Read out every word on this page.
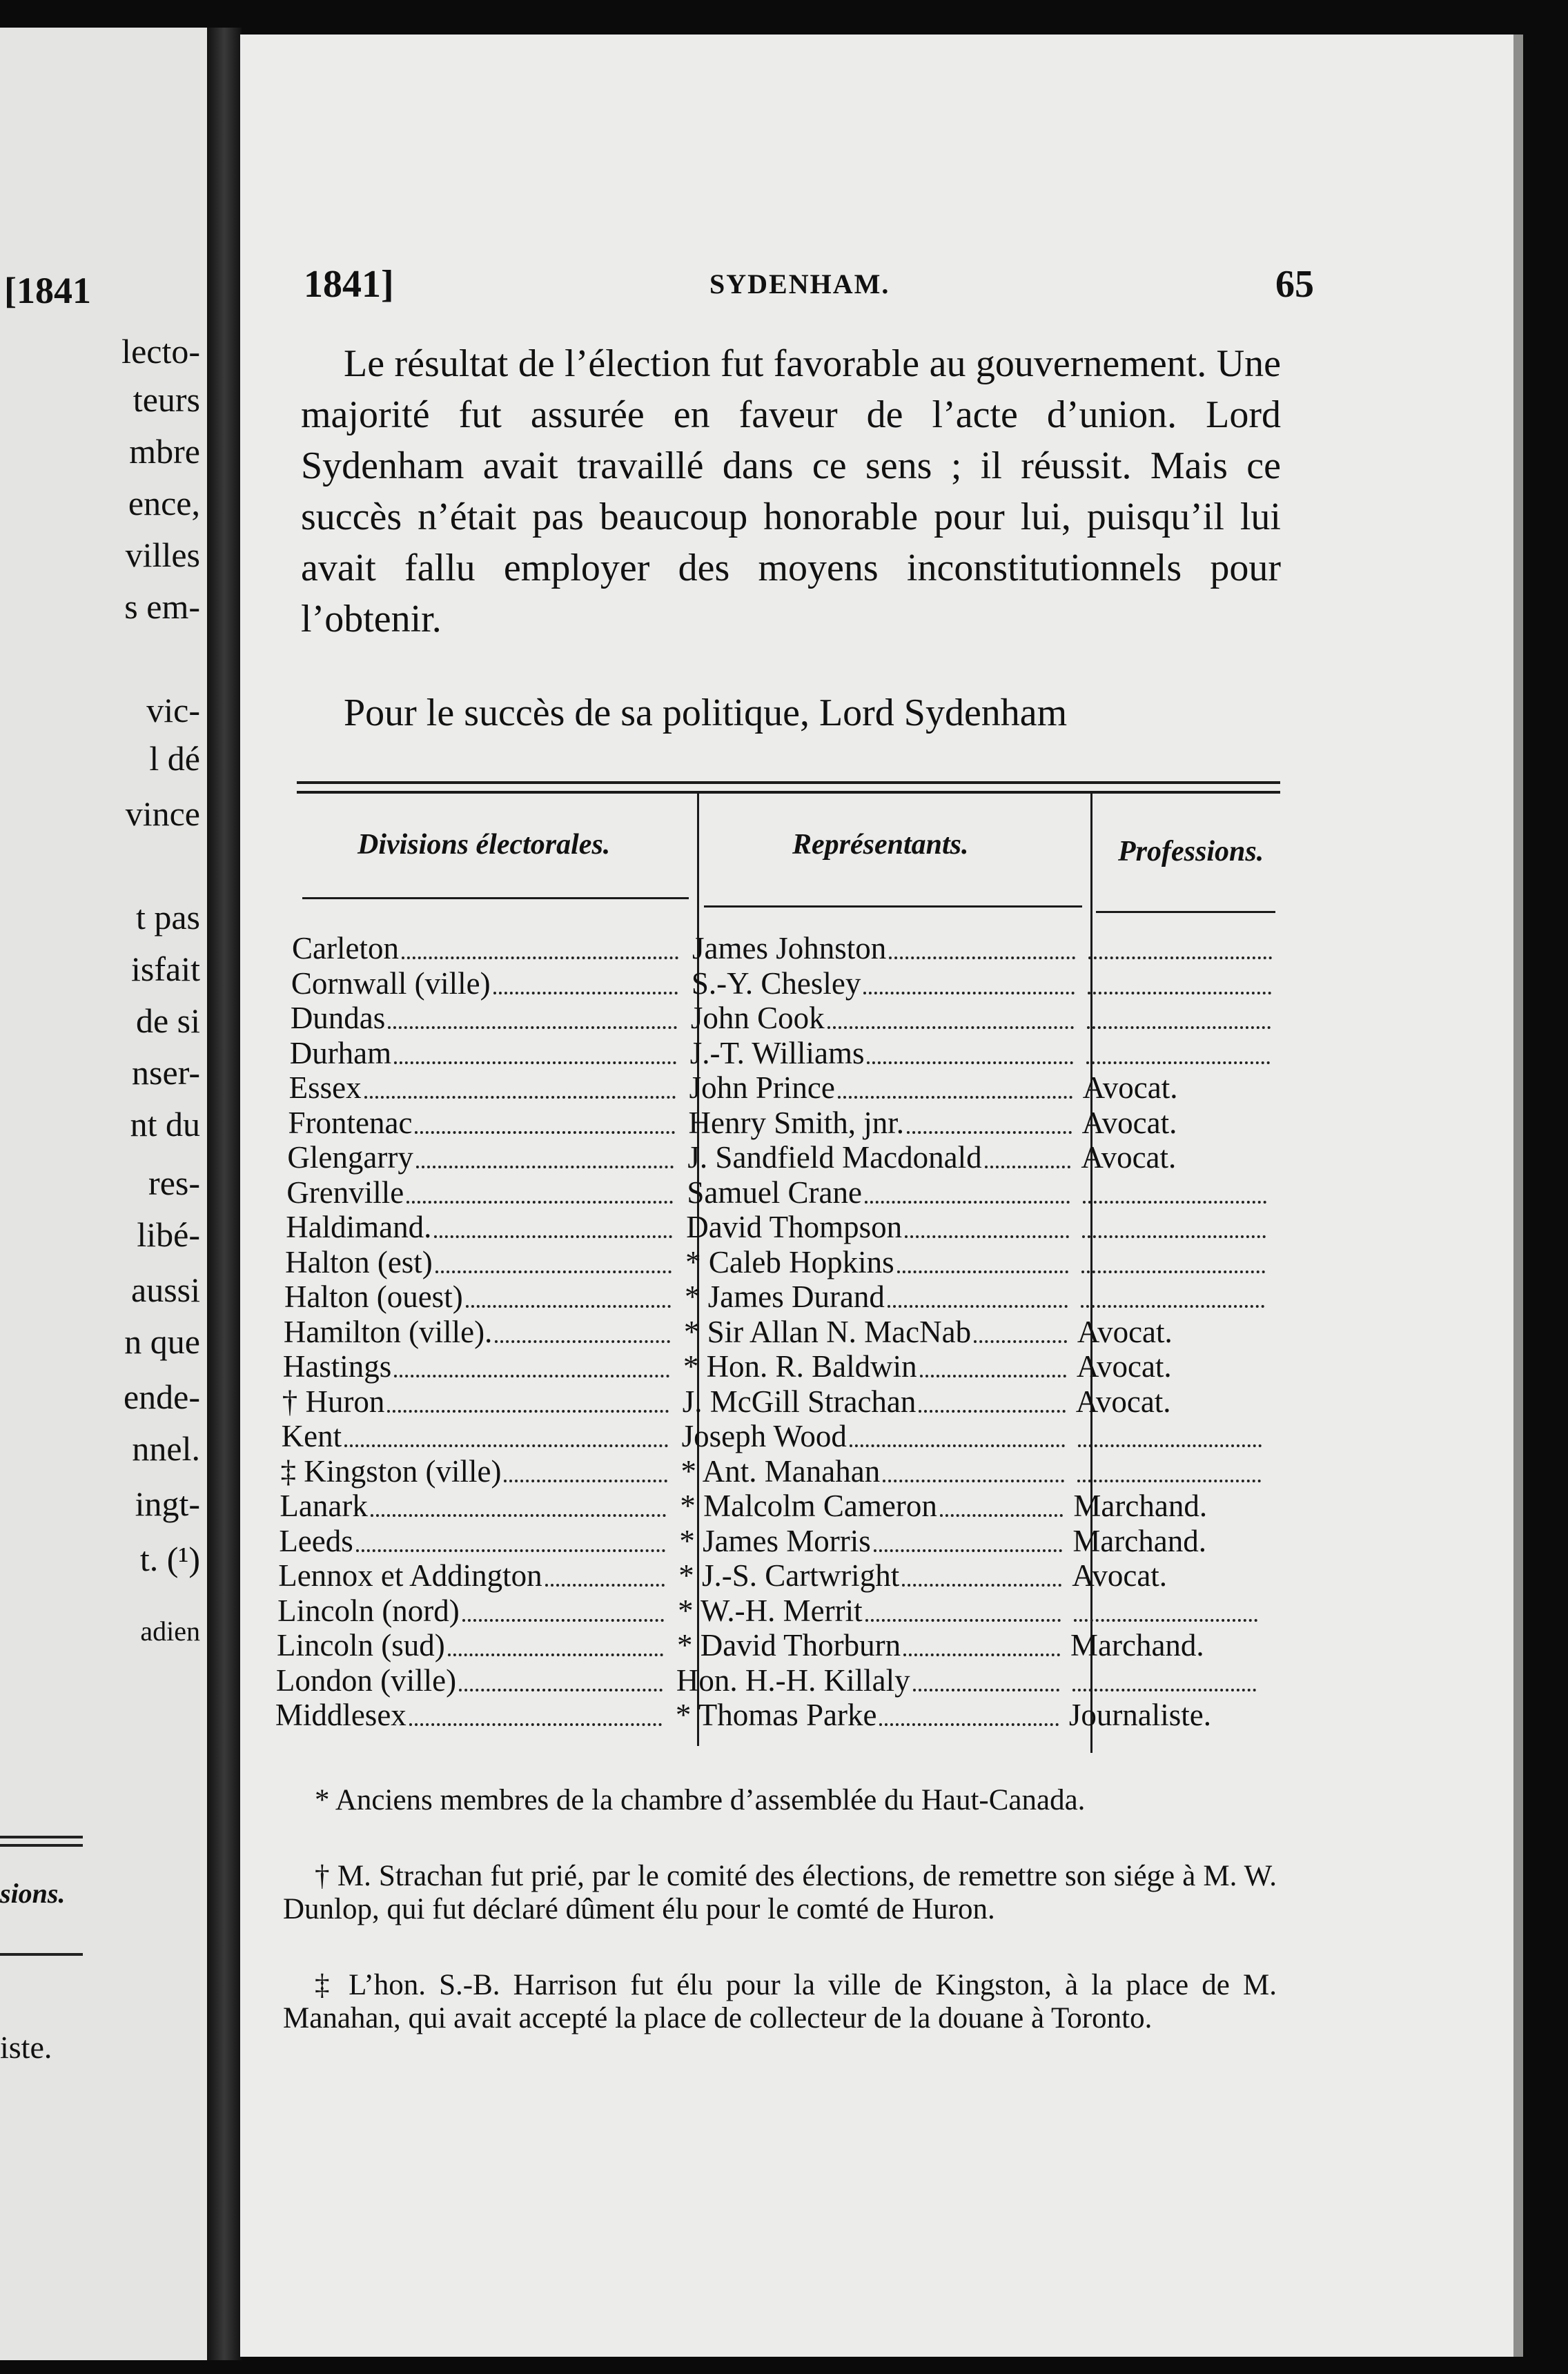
[1841
lecto-
teurs
mbre
ence,
villes
s em-
vic-
l dé
vince
t pas
isfait
de si
nser-
nt du
res-
libé-
aussi
n que
ende-
nnel.
ingt-
t. (¹)
adien
sions.
iste.
1841]	SYDENHAM.	65

Le résultat de l’élection fut favorable au gouvernement. Une majorité fut assurée en faveur de l’acte d’union. Lord Sydenham avait travaillé dans ce sens ; il réussit. Mais ce succès n’était pas beaucoup honorable pour lui, puisqu’il lui avait fallu employer des moyens inconstitutionnels pour l’obtenir.

Pour le succès de sa politique, Lord Sydenham

Divisions électorales.	Représentants.	Professions.
Carleton	James Johnston
Cornwall (ville)	S.-Y. Chesley
Dundas	John Cook
Durham	J.-T. Williams
Essex	John Prince	Avocat.
Frontenac	Henry Smith, jnr.	Avocat.
Glengarry	J. Sandfield Macdonald	Avocat.
Grenville	Samuel Crane
Haldimand.	David Thompson
Halton (est)	* Caleb Hopkins
Halton (ouest)	* James Durand
Hamilton (ville).	* Sir Allan N. MacNab	Avocat.
Hastings	* Hon. R. Baldwin	Avocat.
† Huron	J. McGill Strachan	Avocat.
Kent	Joseph Wood
‡ Kingston (ville)	* Ant. Manahan
Lanark	* Malcolm Cameron	Marchand.
Leeds	* James Morris	Marchand.
Lennox et Addington	* J.-S. Cartwright	Avocat.
Lincoln (nord)	* W.-H. Merrit
Lincoln (sud)	* David Thorburn	Marchand.
London (ville)	Hon. H.-H. Killaly
Middlesex	* Thomas Parke	Journaliste.

* Anciens membres de la chambre d’assemblée du Haut-Canada.

† M. Strachan fut prié, par le comité des élections, de remettre son siége à M. W. Dunlop, qui fut déclaré dûment élu pour le comté de Huron.

‡ L’hon. S.-B. Harrison fut élu pour la ville de Kingston, à la place de M. Manahan, qui avait accepté la place de collecteur de la douane à Toronto.
